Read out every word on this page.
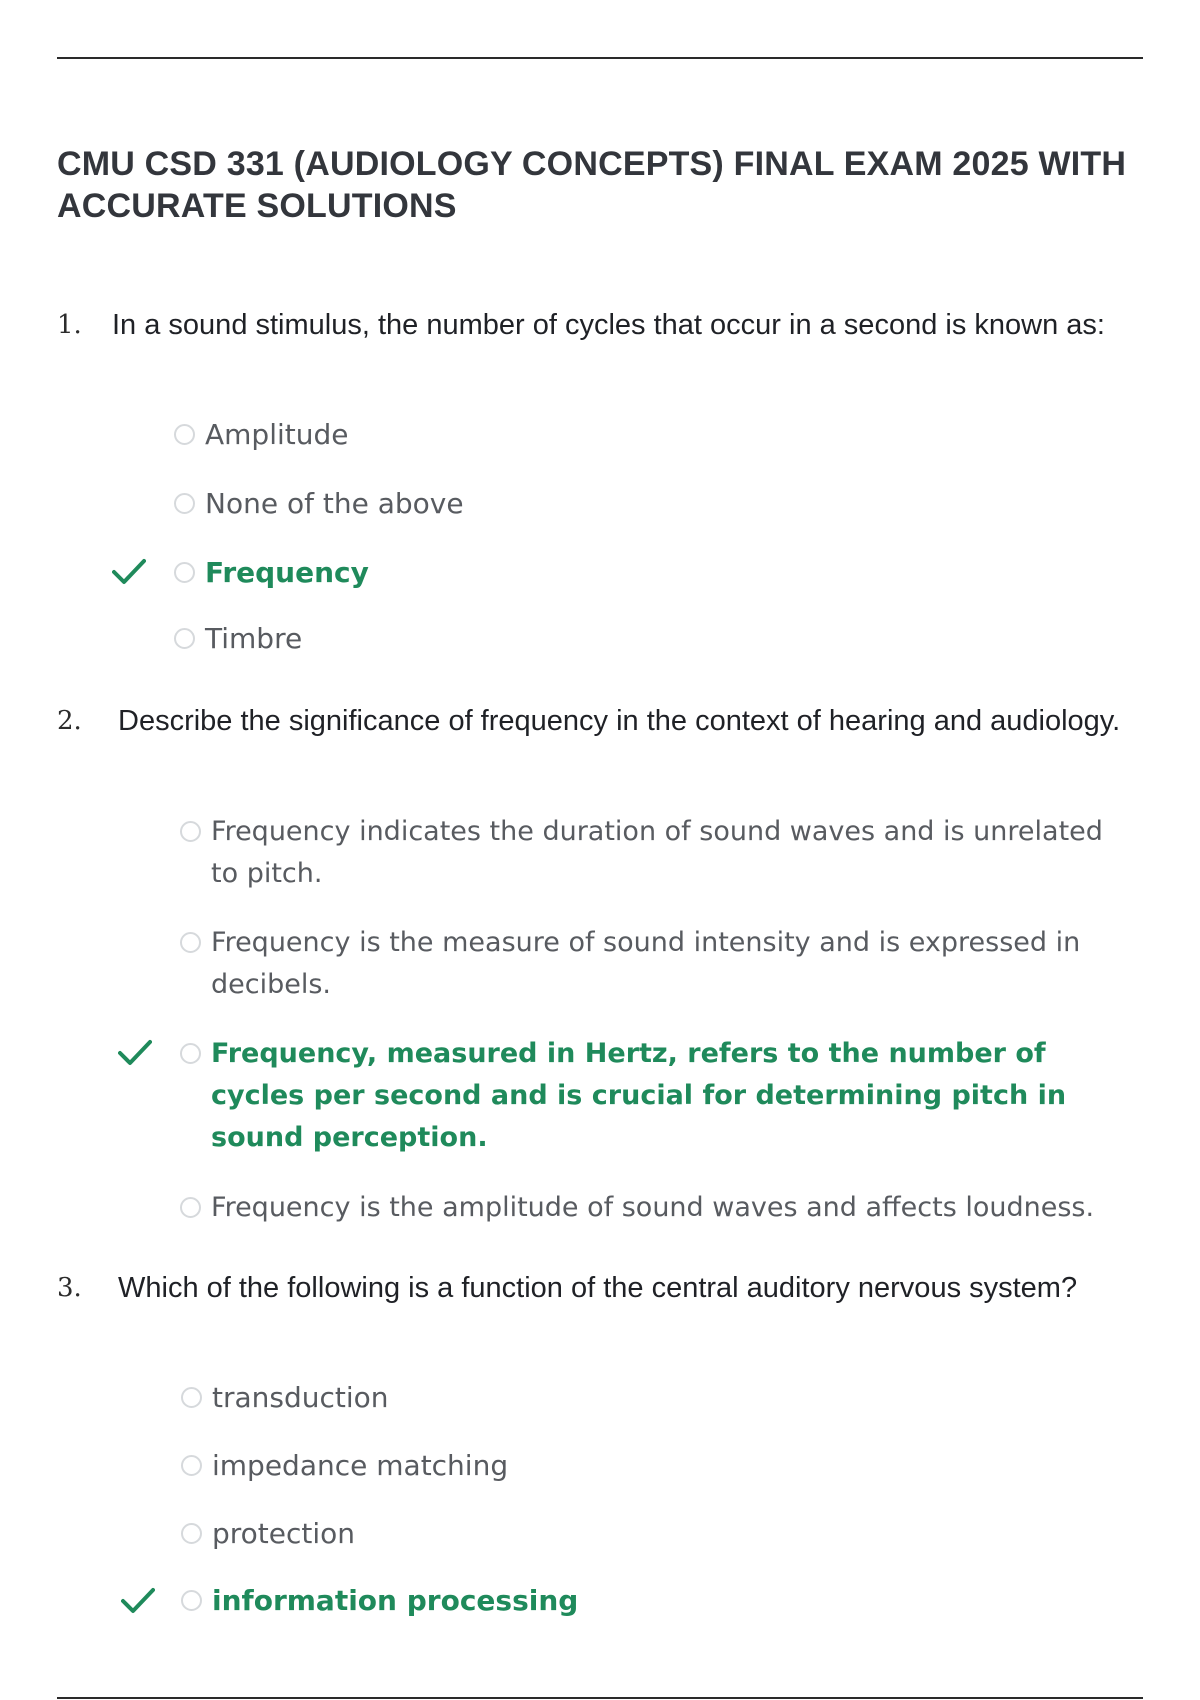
CMU CSD 331 (AUDIOLOGY CONCEPTS) FINAL EXAM 2025 WITH ACCURATE SOLUTIONS
1. In a sound stimulus, the number of cycles that occur in a second is known as:
Amplitude
None of the above
Frequency
Timbre
2. Describe the significance of frequency in the context of hearing and audiology.
Frequency indicates the duration of sound waves and is unrelated to pitch.
Frequency is the measure of sound intensity and is expressed in decibels.
Frequency, measured in Hertz, refers to the number of cycles per second and is crucial for determining pitch in sound perception.
Frequency is the amplitude of sound waves and affects loudness.
3. Which of the following is a function of the central auditory nervous system?
transduction
impedance matching
protection
information processing
